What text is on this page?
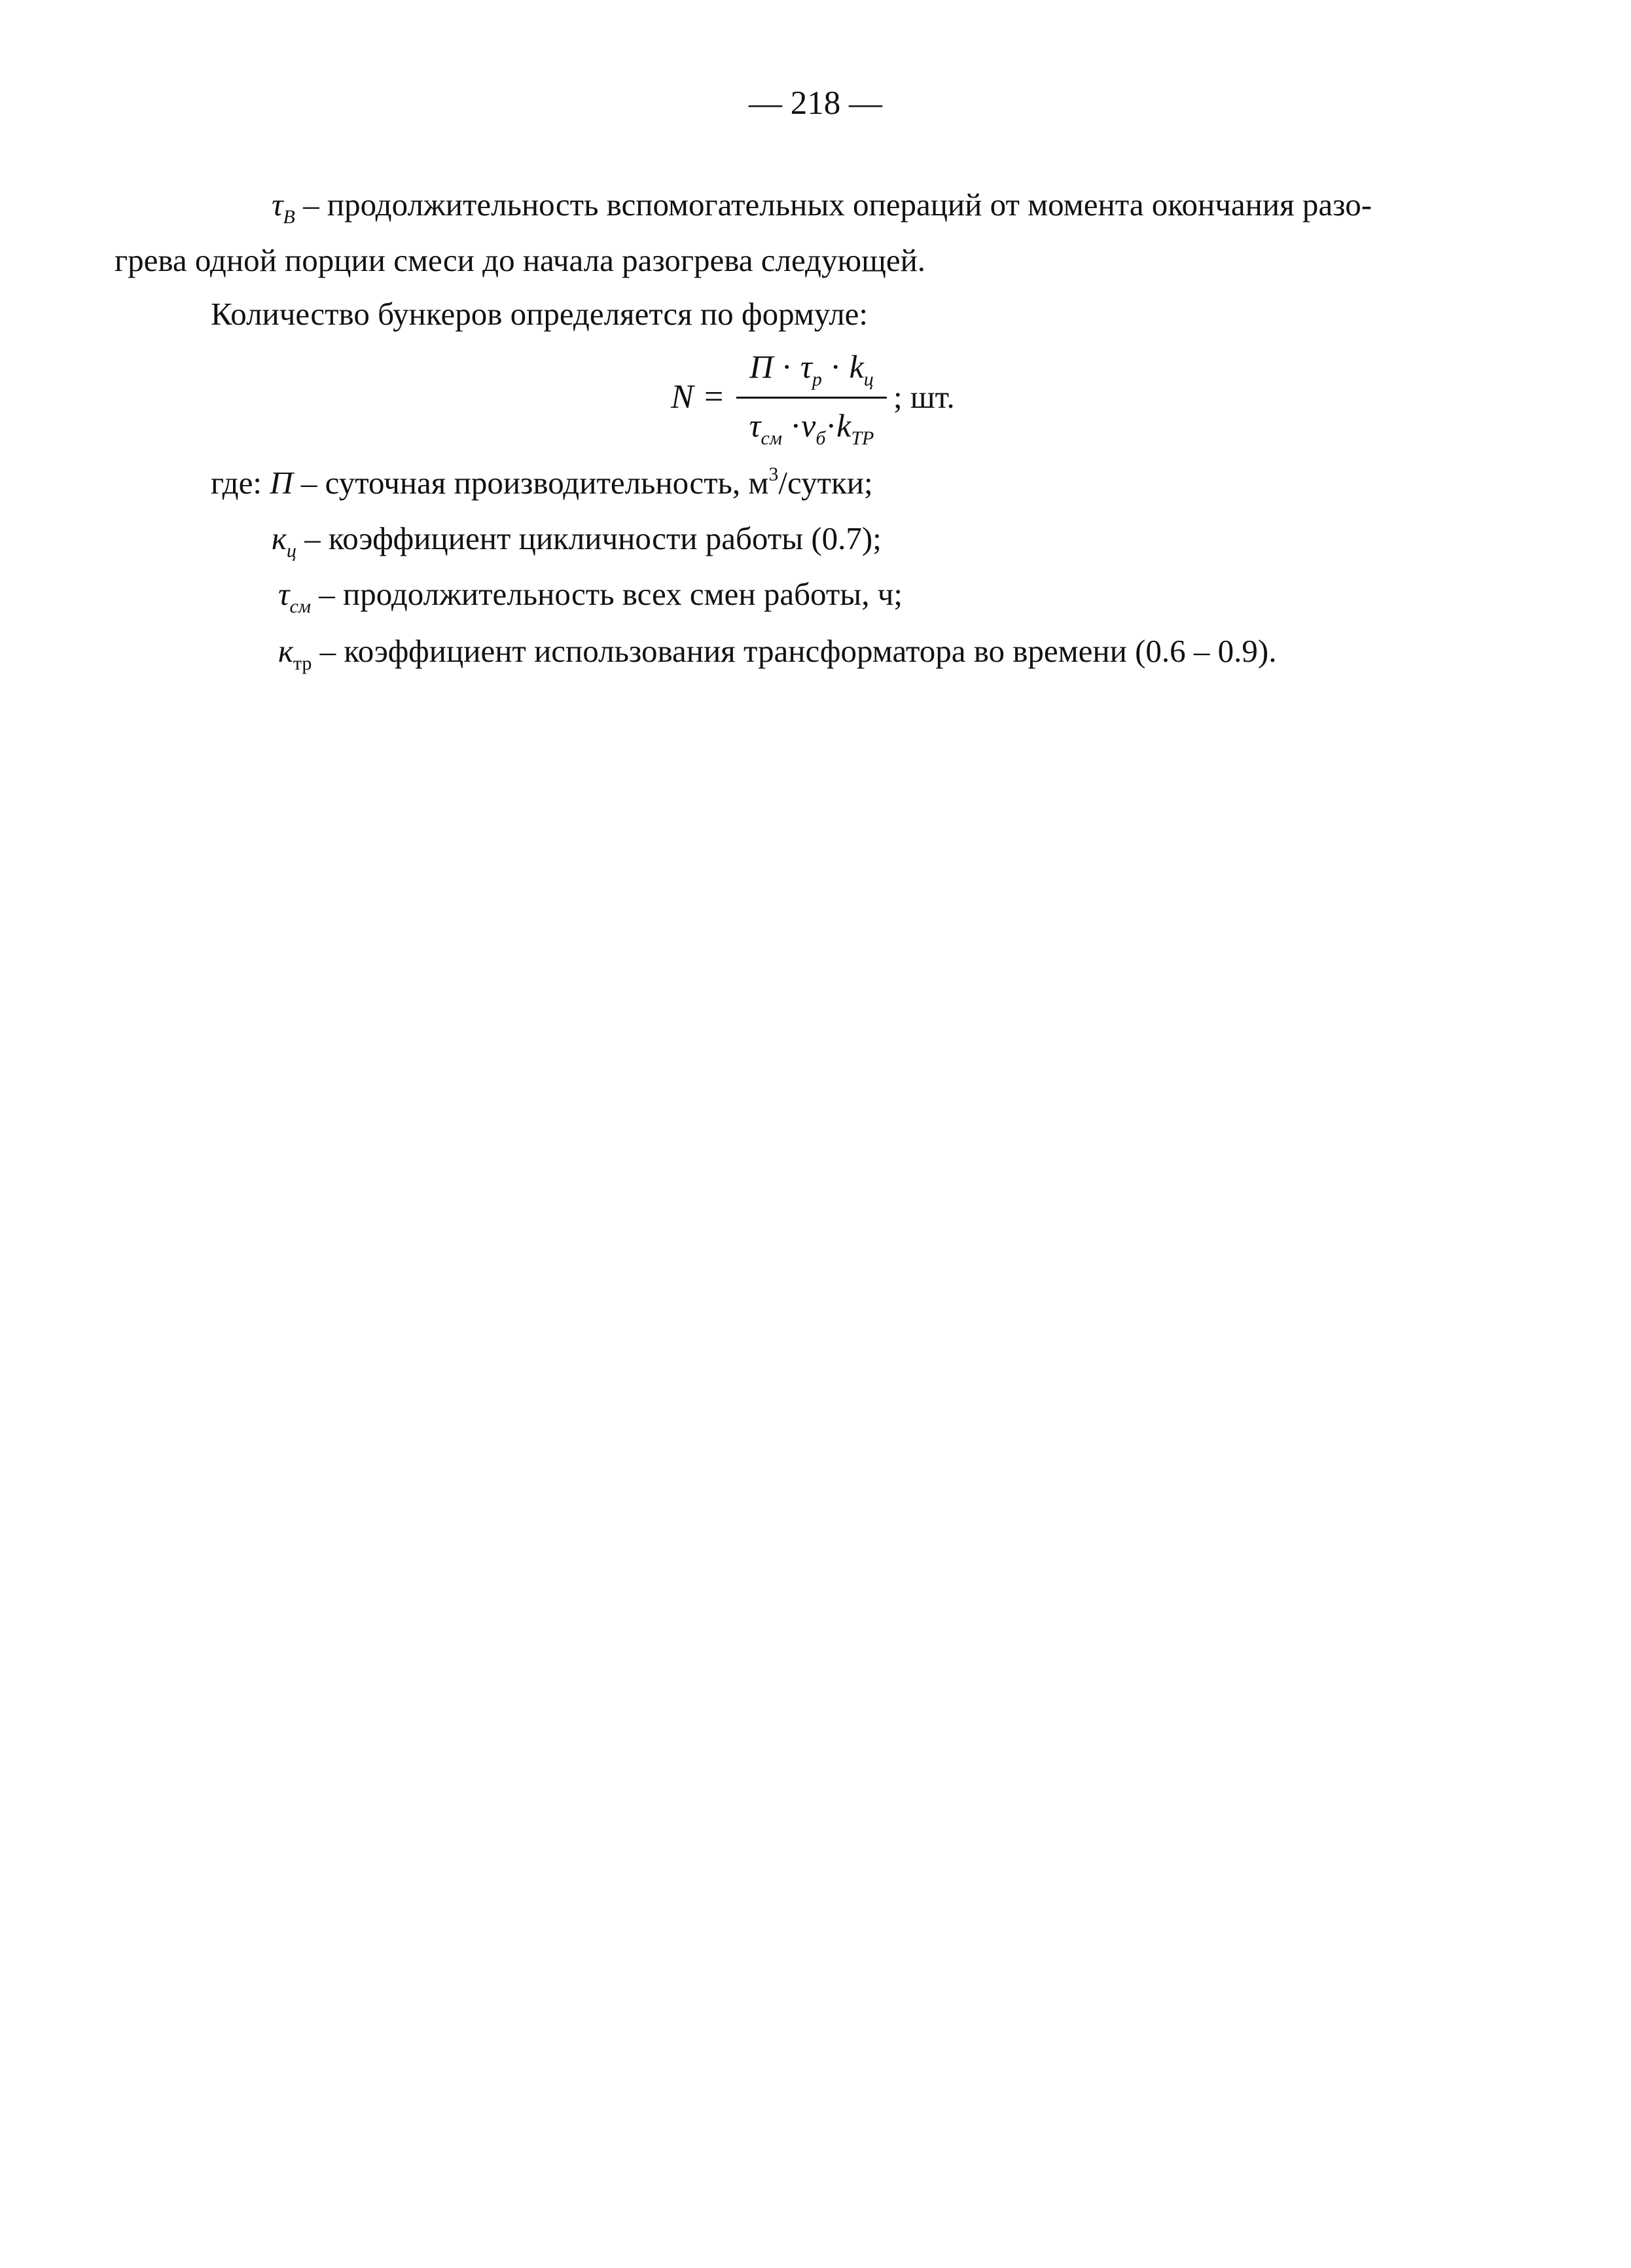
— 218 —
$\tau_В$ – продолжительность вспомогательных операций от момента окончания разо-
грева одной порции смеси до начала разогрева следующей.
Количество бункеров определяется по формуле:
N =
$П \cdot \tau_р \cdot k_ц$
$\tau_{см} \cdot\nu_б\cdot k_{ТР}$
; шт.
где: П – суточная производительность, $м^3$/сутки;
$к_ц$ – коэффициент цикличности работы (0.7);
$\tau_{см}$ – продолжительность всех смен работы, ч;
$к_{тр}$ – коэффициент использования трансформатора во времени (0.6 – 0.9).
